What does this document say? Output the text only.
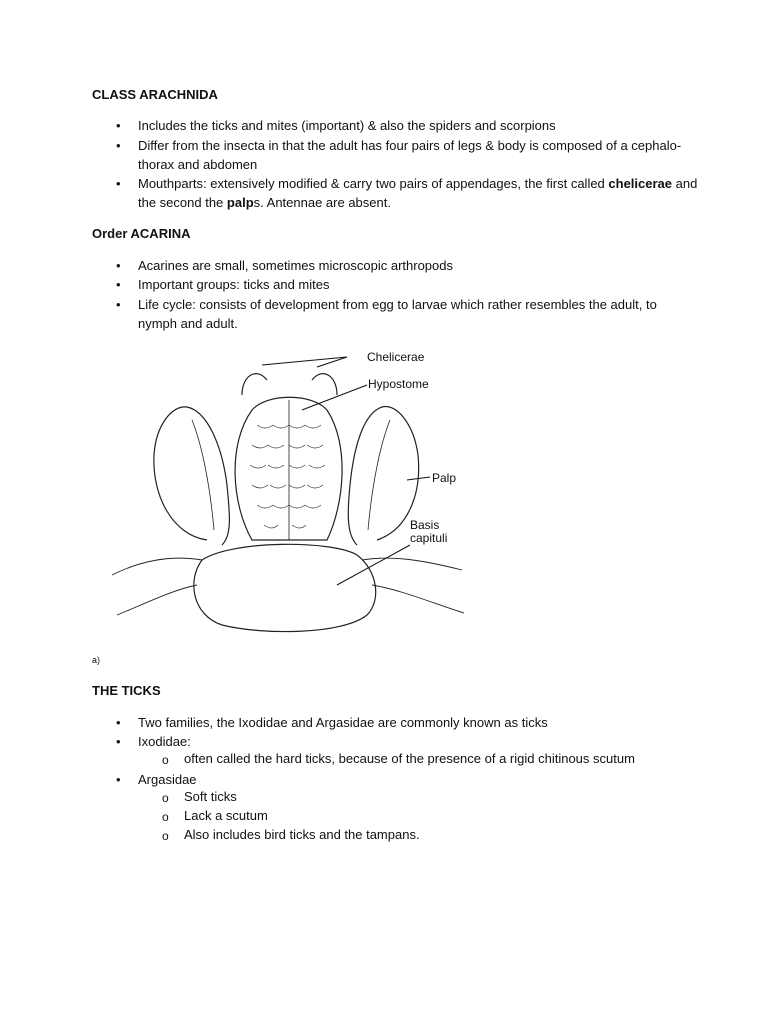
CLASS ARACHNIDA
• Includes the ticks and mites (important) & also the spiders and scorpions
• Differ from the insecta in that the adult has four pairs of legs & body is composed of a cephalo-thorax and abdomen
• Mouthparts: extensively modified & carry two pairs of appendages, the first called chelicerae and the second the palps. Antennae are absent.
Order ACARINA
• Acarines are small, sometimes microscopic arthropods
• Important groups: ticks and mites
• Life cycle: consists of development from egg to larvae which rather resembles the adult, to nymph and adult.
Chelicerae
Hypostome
Palp
Basis
capituli
a)
THE TICKS
• Two families, the Ixodidae and Argasidae are commonly known as ticks
• Ixodidae:
o often called the hard ticks, because of the presence of a rigid chitinous scutum
• Argasidae
o Soft ticks
o Lack a scutum
o Also includes bird ticks and the tampans.
